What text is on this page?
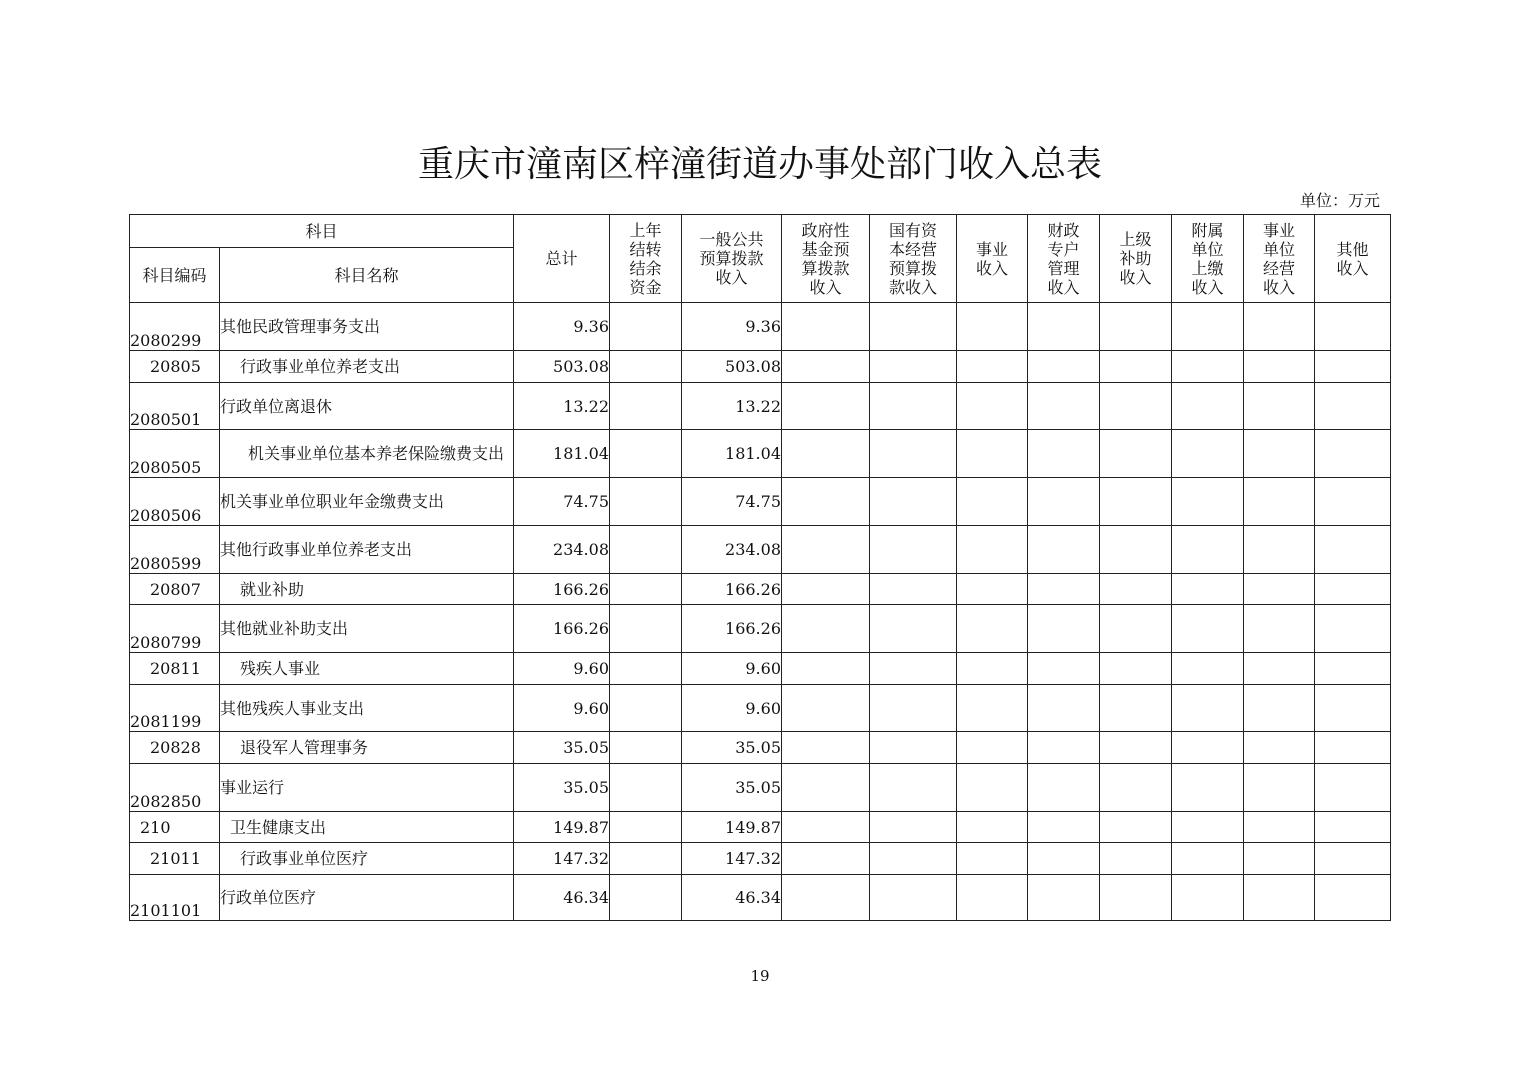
重庆市潼南区梓潼街道办事处部门收入总表
单位：万元
科目		总计	上年
结转
结余
资金	一般公共
预算拨款
收入	政府性
基金预
算拨款
收入	国有资
本经营
预算拨
款收入	事业
收入	财政
专户
管理
收入	上级
补助
收入	附属
单位
上缴
收入	事业
单位
经营
收入	其他
收入

科目编码	科目名称											
2080299	其他民政管理事务支出	9.36		9.36								
20805	行政事业单位养老支出	503.08		503.08								
2080501	行政单位离退休	13.22		13.22								
2080505	机关事业单位基本养老保险缴费支出	181.04		181.04								
2080506	机关事业单位职业年金缴费支出	74.75		74.75								
2080599	其他行政事业单位养老支出	234.08		234.08								
20807	就业补助	166.26		166.26								
2080799	其他就业补助支出	166.26		166.26								
20811	残疾人事业	9.60		9.60								
2081199	其他残疾人事业支出	9.60		9.60								
20828	退役军人管理事务	35.05		35.05								
2082850	事业运行	35.05		35.05								
210	卫生健康支出	149.87		149.87								
21011	行政事业单位医疗	147.32		147.32								
2101101	行政单位医疗	46.34		46.34								
19
